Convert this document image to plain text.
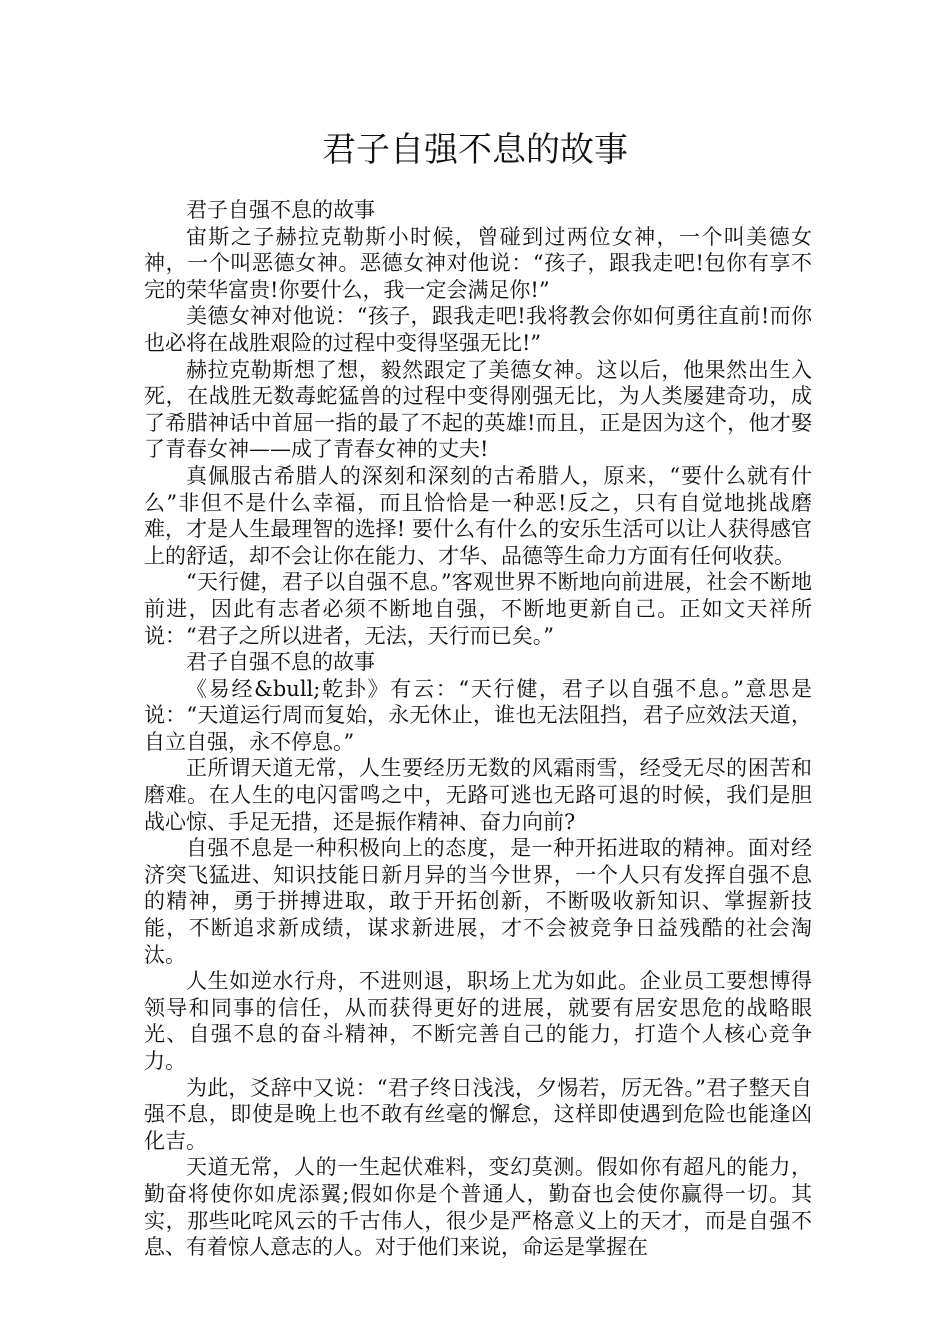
君子自强不息的故事

君子自强不息的故事

宙斯之子赫拉克勒斯小时候，曾碰到过两位女神，一个叫美德女神，一个叫恶德女神。恶德女神对他说：“孩子，跟我走吧!包你有享不完的荣华富贵!你要什么，我一定会满足你!”

美德女神对他说：“孩子，跟我走吧!我将教会你如何勇往直前!而你也必将在战胜艰险的过程中变得坚强无比!”

赫拉克勒斯想了想，毅然跟定了美德女神。这以后，他果然出生入死，在战胜无数毒蛇猛兽的过程中变得刚强无比，为人类屡建奇功，成了希腊神话中首屈一指的最了不起的英雄!而且，正是因为这个，他才娶了青春女神——成了青春女神的丈夫!

真佩服古希腊人的深刻和深刻的古希腊人，原来，“要什么就有什么”非但不是什么幸福，而且恰恰是一种恶!反之，只有自觉地挑战磨难，才是人生最理智的选择! 要什么有什么的安乐生活可以让人获得感官上的舒适，却不会让你在能力、才华、品德等生命力方面有任何收获。

“天行健，君子以自强不息。”客观世界不断地向前进展，社会不断地前进，因此有志者必须不断地自强，不断地更新自己。正如文天祥所说：“君子之所以进者，无法，天行而已矣。”

君子自强不息的故事

《易经&bull;乾卦》有云：“天行健，君子以自强不息。”意思是说：“天道运行周而复始，永无休止，谁也无法阻挡，君子应效法天道，自立自强，永不停息。”

正所谓天道无常，人生要经历无数的风霜雨雪，经受无尽的困苦和磨难。在人生的电闪雷鸣之中，无路可逃也无路可退的时候，我们是胆战心惊、手足无措，还是振作精神、奋力向前?

自强不息是一种积极向上的态度，是一种开拓进取的精神。面对经济突飞猛进、知识技能日新月异的当今世界，一个人只有发挥自强不息的精神，勇于拼搏进取，敢于开拓创新，不断吸收新知识、掌握新技能，不断追求新成绩，谋求新进展，才不会被竞争日益残酷的社会淘汰。

人生如逆水行舟，不进则退，职场上尤为如此。企业员工要想博得领导和同事的信任，从而获得更好的进展，就要有居安思危的战略眼光、自强不息的奋斗精神，不断完善自己的能力，打造个人核心竞争力。

为此，爻辞中又说：“君子终日浅浅，夕惕若，厉无咎。”君子整天自强不息，即使是晚上也不敢有丝毫的懈怠，这样即使遇到危险也能逢凶化吉。

天道无常，人的一生起伏难料，变幻莫测。假如你有超凡的能力，勤奋将使你如虎添翼;假如你是个普通人，勤奋也会使你赢得一切。其实，那些叱咤风云的千古伟人，很少是严格意义上的天才，而是自强不息、有着惊人意志的人。对于他们来说，命运是掌握在
